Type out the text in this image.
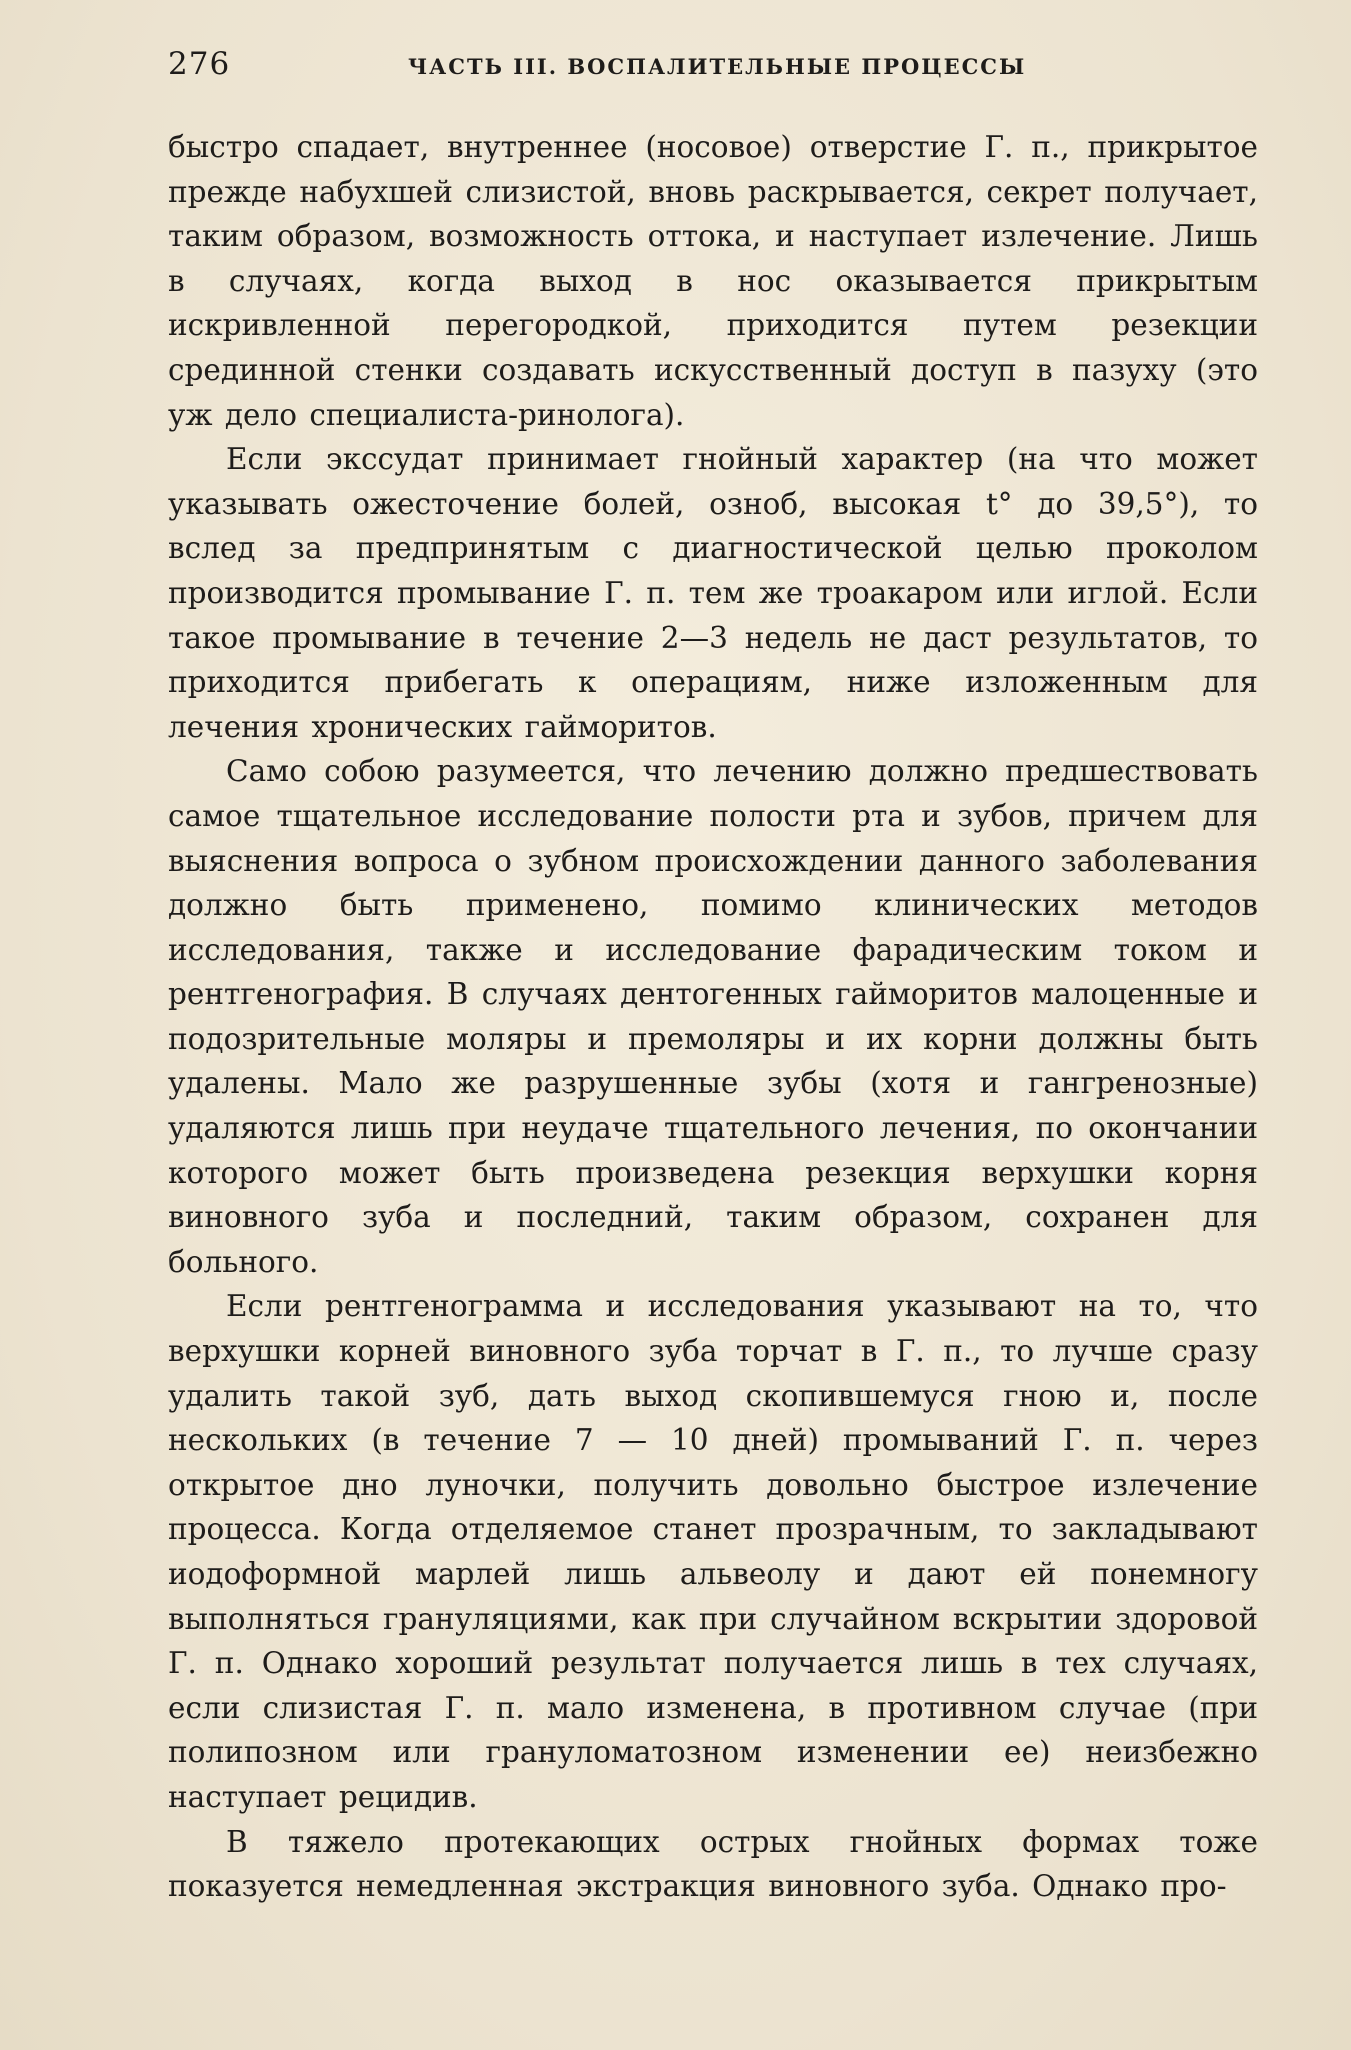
276	ЧАСТЬ III. ВОСПАЛИТЕЛЬНЫЕ ПРОЦЕССЫ

быстро спадает, внутреннее (носовое) отверстие Г. п., прикрытое прежде набухшей слизистой, вновь раскрывается, секрет получает, таким образом, возможность оттока, и наступает излечение. Лишь в случаях, когда выход в нос оказывается прикрытым искривленной перегородкой, приходится путем резекции срединной стенки создавать искусственный доступ в пазуху (это уж дело специалиста-ринолога).

Если экссудат принимает гнойный характер (на что может указывать ожесточение болей, озноб, высокая t° до 39,5°), то вслед за предпринятым с диагностической целью проколом производится промывание Г. п. тем же троакаром или иглой. Если такое промывание в течение 2—3 недель не даст результатов, то приходится прибегать к операциям, ниже изложенным для лечения хронических гайморитов.

Само собою разумеется, что лечению должно предшествовать самое тщательное исследование полости рта и зубов, причем для выяснения вопроса о зубном происхождении данного заболевания должно быть применено, помимо клинических методов исследования, также и исследование фарадическим током и рентгенография. В случаях дентогенных гайморитов малоценные и подозрительные моляры и премоляры и их корни должны быть удалены. Мало же разрушенные зубы (хотя и гангренозные) удаляются лишь при неудаче тщательного лечения, по окончании которого может быть произведена резекция верхушки корня виновного зуба и последний, таким образом, сохранен для больного.

Если рентгенограмма и исследования указывают на то, что верхушки корней виновного зуба торчат в Г. п., то лучше сразу удалить такой зуб, дать выход скопившемуся гною и, после нескольких (в течение 7 — 10 дней) промываний Г. п. через открытое дно луночки, получить довольно быстрое излечение процесса. Когда отделяемое станет прозрачным, то закладывают иодоформной марлей лишь альвеолу и дают ей понемногу выполняться грануляциями, как при случайном вскрытии здоровой Г. п. Однако хороший результат получается лишь в тех случаях, если слизистая Г. п. мало изменена, в противном случае (при полипозном или грануломатозном изменении ее) неизбежно наступает рецидив.

В тяжело протекающих острых гнойных формах тоже показуется немедленная экстракция виновного зуба. Однако про-
